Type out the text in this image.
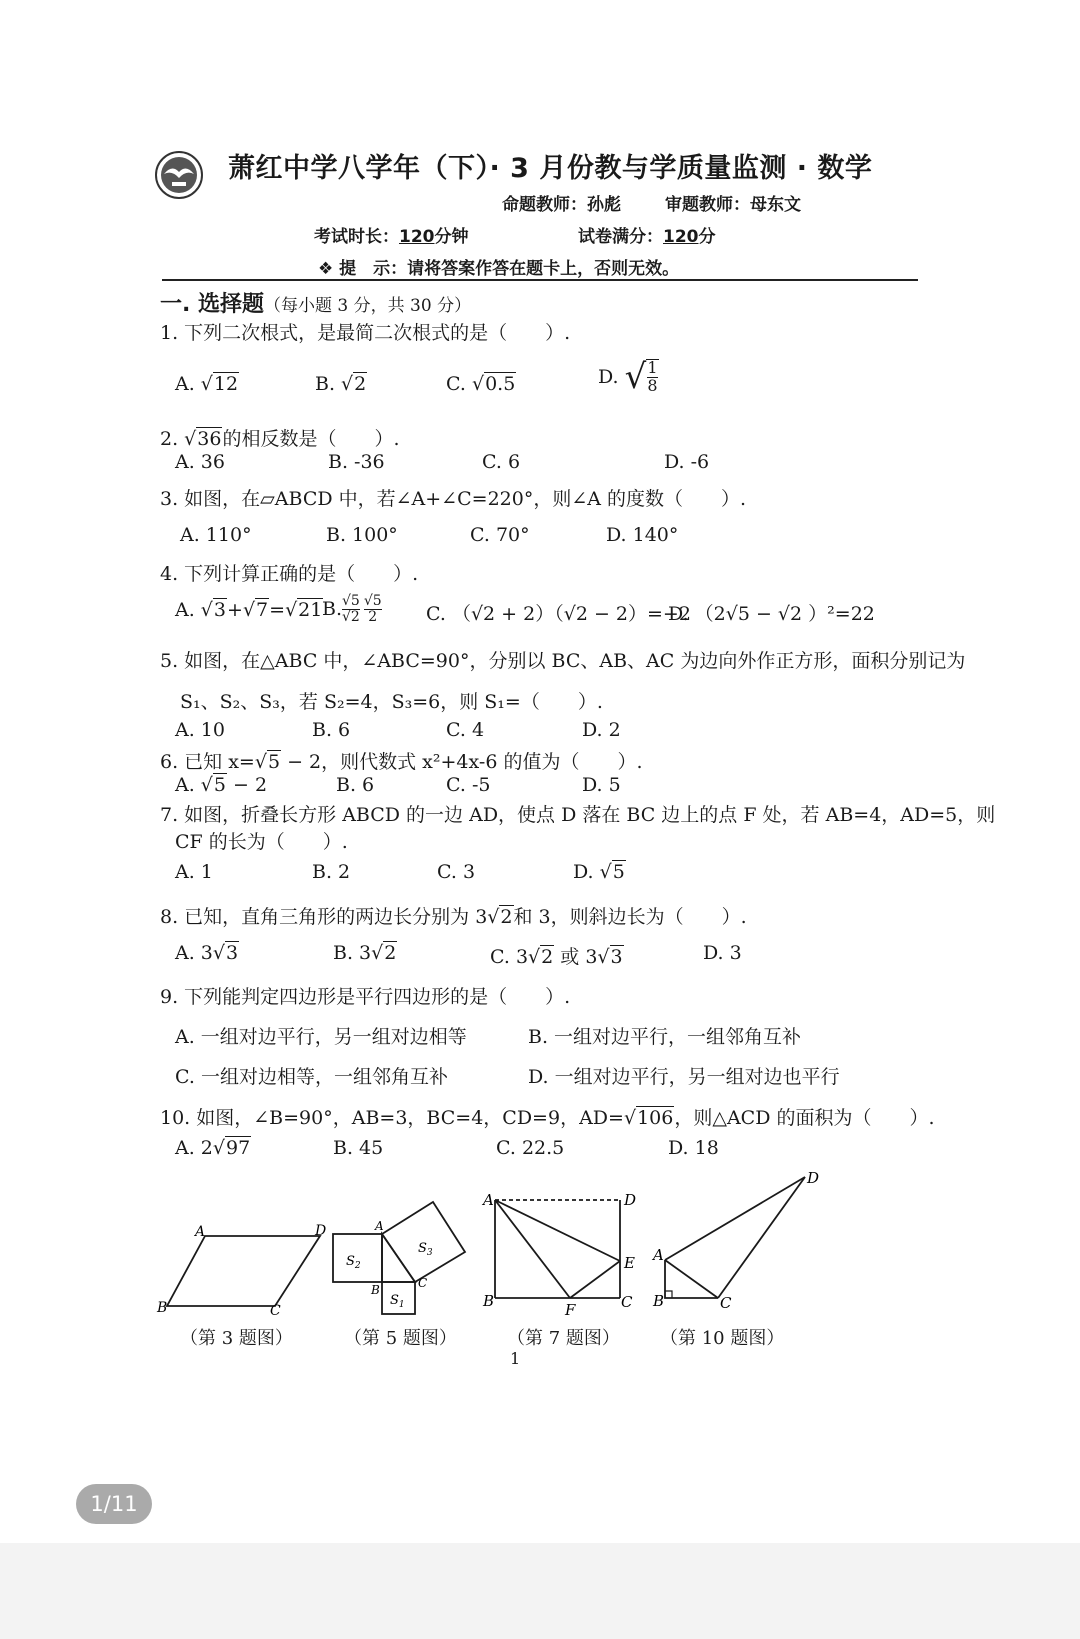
萧红中学八学年（下）· 3 月份教与学质量监测 · 数学
命题教师：孙彪	审题教师：母东文
考试时长：120分钟	试卷满分：120分
❖ 提　示：请将答案作答在题卡上，否则无效。
一. 选择题（每小题 3 分，共 30 分）
1. 下列二次根式，是最简二次根式的是（　　）.
A. √12	B. √2	C. √0.5	D. √ $\frac{1}{8}$
2. √36的相反数是（　　）.
A. 36	B. -36	C. 6	D. -6
3. 如图，在▱ABCD 中，若∠A+∠C=220°，则∠A 的度数（　　）.
A. 110°	B. 100°	C. 70°	D. 140°
4. 下列计算正确的是（　　）.
A. √3+√7=√21 B. $\frac{√5}{√2} \frac{√5}{2} C$. （√2 + 2）（√2 − 2）=−2
D. （2√5 − √2 ）²=22
5. 如图，在△ABC 中，∠ABC=90°，分别以 BC、AB、AC 为边向外作正方形，面积分别记为
S₁、S₂、S₃，若 S₂=4，S₃=6，则 S₁=（　　）.
A. 10	B. 6	C. 4	D. 2
6. 已知 x=√5 − 2，则代数式 x²+4x-6 的值为（　　）.
A. √5 − 2	B. 6	C. -5	D. 5
7. 如图，折叠长方形 ABCD 的一边 AD，使点 D 落在 BC 边上的点 F 处，若 AB=4，AD=5，则
CF 的长为（　　）.
A. 1	B. 2	C. 3	D. √5
8. 已知，直角三角形的两边长分别为 3√2和 3，则斜边长为（　　）.
A. 3√3	B. 3√2	C. 3√2 或 3√3	D. 3
9. 下列能判定四边形是平行四边形的是（　　）.
A. 一组对边平行，另一组对边相等	B. 一组对边平行，一组邻角互补
C. 一组对边相等，一组邻角互补	D. 一组对边平行，另一组对边也平行
10. 如图，∠B=90°，AB=3，BC=4，CD=9，AD=√106，则△ACD 的面积为（　　）.
A. 2√97	B. 45	C. 22.5	D. 18
A	D
B	C
$S_2$
$S_1$
$S_3$
A
B	C
A	D
B	C
E
F
A
B	C
D
（第 3 题图）	（第 5 题图）	（第 7 题图） （第 10 题图）
1
1/11
